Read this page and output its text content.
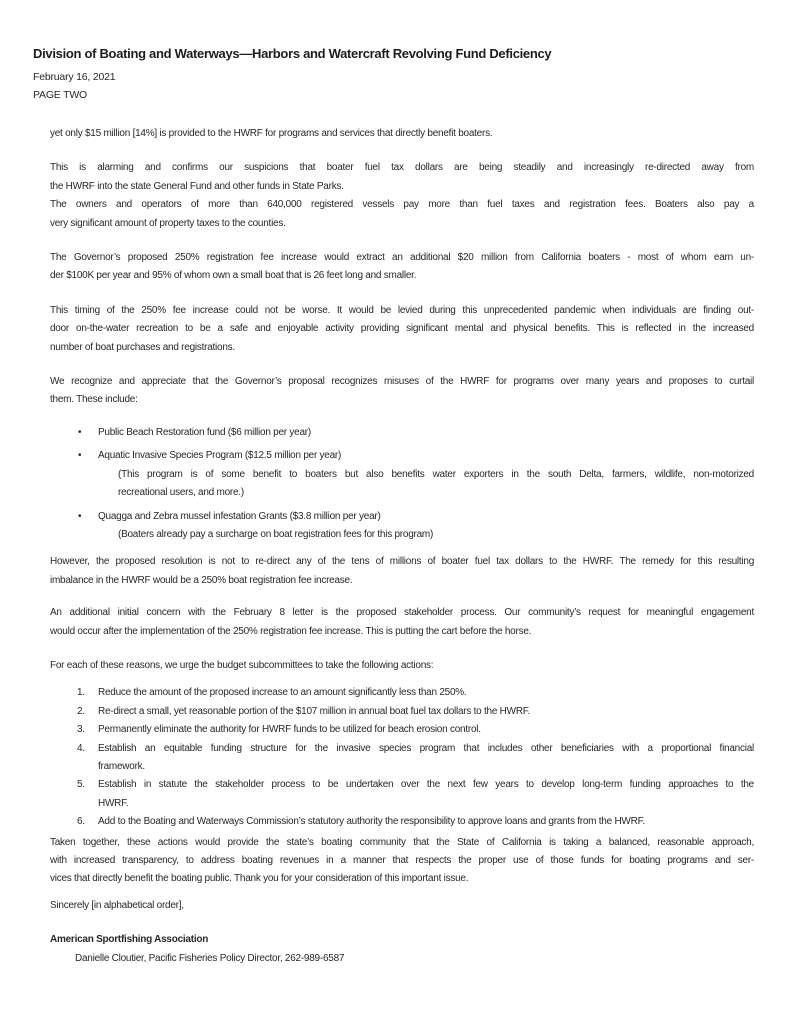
Division of Boating and Waterways—Harbors and Watercraft Revolving Fund Deficiency
February 16, 2021
PAGE TWO
yet only $15 million [14%] is provided to the HWRF for programs and services that directly benefit boaters.
This is alarming and confirms our suspicions that boater fuel tax dollars are being steadily and increasingly re-directed away from
the HWRF into the state General Fund and other funds in State Parks.
The owners and operators of more than 640,000 registered vessels pay more than fuel taxes and registration fees. Boaters also pay a
very significant amount of property taxes to the counties.
The Governor’s proposed 250% registration fee increase would extract an additional $20 million from California boaters - most of whom earn un-
der $100K per year and 95% of whom own a small boat that is 26 feet long and smaller.
This timing of the 250% fee increase could not be worse. It would be levied during this unprecedented pandemic when individuals are finding out-
door on-the-water recreation to be a safe and enjoyable activity providing significant mental and physical benefits. This is reflected in the increased
number of boat purchases and registrations.
We recognize and appreciate that the Governor’s proposal recognizes misuses of the HWRF for programs over many years and proposes to curtail
them. These include:
•	Public Beach Restoration fund ($6 million per year)
•	Aquatic Invasive Species Program ($12.5 million per year)
(This program is of some benefit to boaters but also benefits water exporters in the south Delta, farmers, wildlife, non-motorized
recreational users, and more.)
•	Quagga and Zebra mussel infestation Grants ($3.8 million per year)
(Boaters already pay a surcharge on boat registration fees for this program)
However, the proposed resolution is not to re-direct any of the tens of millions of boater fuel tax dollars to the HWRF. The remedy for this resulting
imbalance in the HWRF would be a 250% boat registration fee increase.
An additional initial concern with the February 8 letter is the proposed stakeholder process. Our community’s request for meaningful engagement
would occur after the implementation of the 250% registration fee increase. This is putting the cart before the horse.
For each of these reasons, we urge the budget subcommittees to take the following actions:
1.	Reduce the amount of the proposed increase to an amount significantly less than 250%.
2.	Re-direct a small, yet reasonable portion of the $107 million in annual boat fuel tax dollars to the HWRF.
3.	Permanently eliminate the authority for HWRF funds to be utilized for beach erosion control.
4.	Establish an equitable funding structure for the invasive species program that includes other beneficiaries with a proportional financial
framework.
5.	Establish in statute the stakeholder process to be undertaken over the next few years to develop long-term funding approaches to the
HWRF.
6.	Add to the Boating and Waterways Commission’s statutory authority the responsibility to approve loans and grants from the HWRF.
Taken together, these actions would provide the state’s boating community that the State of California is taking a balanced, reasonable approach,
with increased transparency, to address boating revenues in a manner that respects the proper use of those funds for boating programs and ser-
vices that directly benefit the boating public. Thank you for your consideration of this important issue.
Sincerely [in alphabetical order],
American Sportfishing Association
Danielle Cloutier, Pacific Fisheries Policy Director, 262-989-6587
